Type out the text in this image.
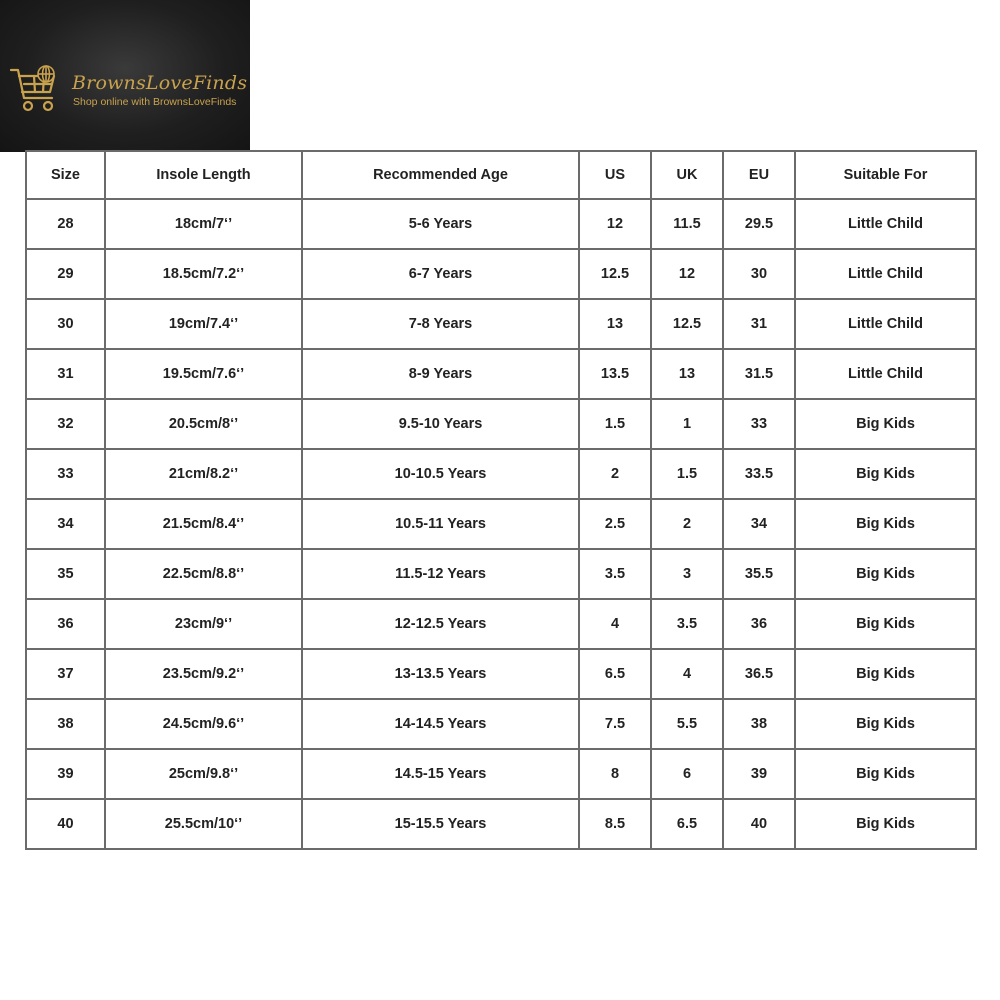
BrownsLoveFinds
Shop online with BrownsLoveFinds
Size	Insole Length	Recommended Age	US	UK	EU	Suitable For
28	18cm/7‘’	5-6 Years	12	11.5	29.5	Little Child
29	18.5cm/7.2‘’	6-7 Years	12.5	12	30	Little Child
30	19cm/7.4‘’	7-8 Years	13	12.5	31	Little Child
31	19.5cm/7.6‘’	8-9 Years	13.5	13	31.5	Little Child
32	20.5cm/8‘’	9.5-10 Years	1.5	1	33	Big Kids
33	21cm/8.2‘’	10-10.5 Years	2	1.5	33.5	Big Kids
34	21.5cm/8.4‘’	10.5-11 Years	2.5	2	34	Big Kids
35	22.5cm/8.8‘’	11.5-12 Years	3.5	3	35.5	Big Kids
36	23cm/9‘’	12-12.5 Years	4	3.5	36	Big Kids
37	23.5cm/9.2‘’	13-13.5 Years	6.5	4	36.5	Big Kids
38	24.5cm/9.6‘’	14-14.5 Years	7.5	5.5	38	Big Kids
39	25cm/9.8‘’	14.5-15 Years	8	6	39	Big Kids
40	25.5cm/10‘’	15-15.5 Years	8.5	6.5	40	Big Kids
